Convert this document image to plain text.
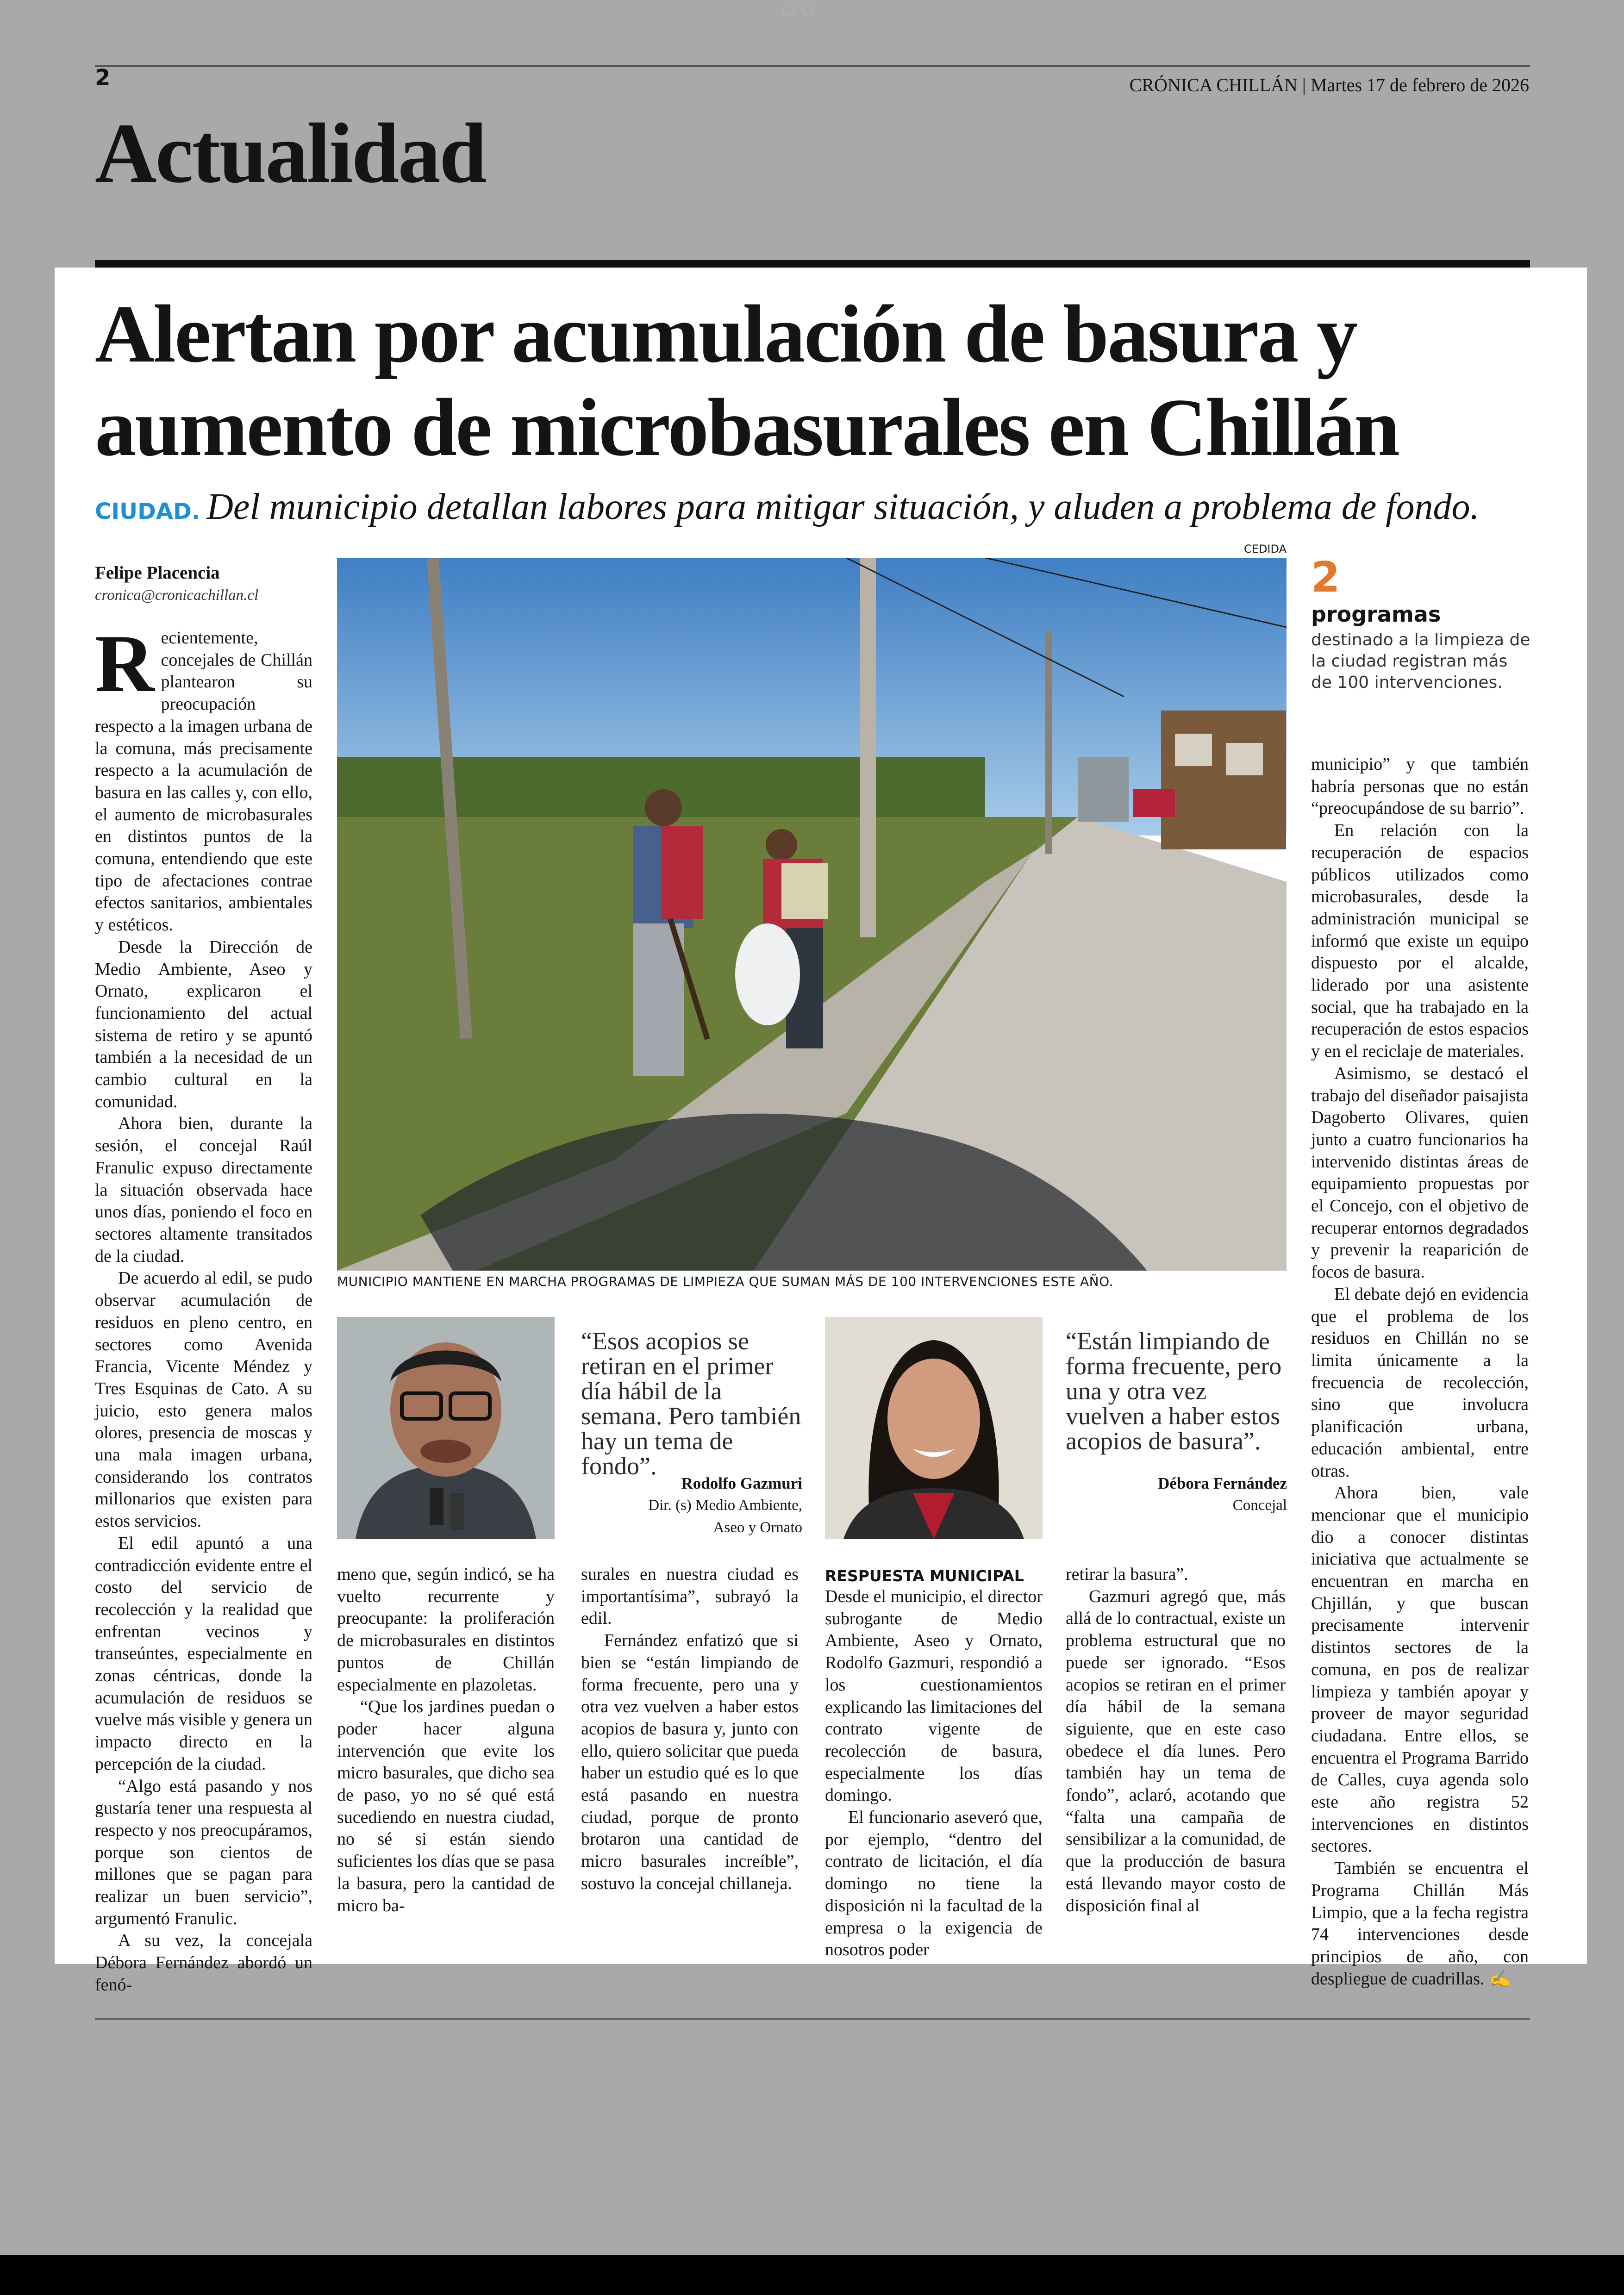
◌ ◌
2	CRÓNICA CHILLÁN | Martes 17 de febrero de 2026
Actualidad
Alertan por acumulación de basura y aumento de microbasurales en Chillán
CIUDAD. Del municipio detallan labores para mitigar situación, y aluden a problema de fondo.
Felipe Placencia
cronica@cronicachillan.cl

Recientemente, concejales de Chillán plantearon su preocupación respecto a la imagen urbana de la comuna, más precisamente respecto a la acumulación de basura en las calles y, con ello, el aumento de microbasurales en distintos puntos de la comuna, entendiendo que este tipo de afectaciones contrae efectos sanitarios, ambientales y estéticos.

Desde la Dirección de Medio Ambiente, Aseo y Ornato, explicaron el funcionamiento del actual sistema de retiro y se apuntó también a la necesidad de un cambio cultural en la comunidad.

Ahora bien, durante la sesión, el concejal Raúl Franulic expuso directamente la situación observada hace unos días, poniendo el foco en sectores altamente transitados de la ciudad.

De acuerdo al edil, se pudo observar acumulación de residuos en pleno centro, en sectores como Avenida Francia, Vicente Méndez y Tres Esquinas de Cato. A su juicio, esto genera malos olores, presencia de moscas y una mala imagen urbana, considerando los contratos millonarios que existen para estos servicios.

El edil apuntó a una contradicción evidente entre el costo del servicio de recolección y la realidad que enfrentan vecinos y transeúntes, especialmente en zonas céntricas, donde la acumulación de residuos se vuelve más visible y genera un impacto directo en la percepción de la ciudad.

“Algo está pasando y nos gustaría tener una respuesta al respecto y nos preocupáramos, porque son cientos de millones que se pagan para realizar un buen servicio”, argumentó Franulic.

A su vez, la concejala Débora Fernández abordó un fenó-

CEDIDA
MUNICIPIO MANTIENE EN MARCHA PROGRAMAS DE LIMPIEZA QUE SUMAN MÁS DE 100 INTERVENCIONES ESTE AÑO.
2
programas
destinado a la limpieza de la ciudad registran más de 100 intervenciones.

municipio” y que también habría personas que no están “preocupándose de su barrio”.

En relación con la recuperación de espacios públicos utilizados como microbasurales, desde la administración municipal se informó que existe un equipo dispuesto por el alcalde, liderado por una asistente social, que ha trabajado en la recuperación de estos espacios y en el reciclaje de materiales.

Asimismo, se destacó el trabajo del diseñador paisajista Dagoberto Olivares, quien junto a cuatro funcionarios ha intervenido distintas áreas de equipamiento propuestas por el Concejo, con el objetivo de recuperar entornos degradados y prevenir la reaparición de focos de basura.

El debate dejó en evidencia que el problema de los residuos en Chillán no se limita únicamente a la frecuencia de recolección, sino que involucra planificación urbana, educación ambiental, entre otras.

Ahora bien, vale mencionar que el municipio dio a conocer distintas iniciativa que actualmente se encuentran en marcha en Chjillán, y que buscan precisamente intervenir distintos sectores de la comuna, en pos de realizar limpieza y también apoyar y proveer de mayor seguridad ciudadana. Entre ellos, se encuentra el Programa Barrido de Calles, cuya agenda solo este año registra 52 intervenciones en distintos sectores.

También se encuentra el Programa Chillán Más Limpio, que a la fecha registra 74 intervenciones desde principios de año, con despliegue de cuadrillas. ✍

“Esos acopios se retiran en el primer día hábil de la semana. Pero también hay un tema de fondo”.
Rodolfo Gazmuri
Dir. (s) Medio Ambiente,
Aseo y Ornato
“Están limpiando de forma frecuente, pero una y otra vez vuelven a haber estos acopios de basura”.
Débora Fernández
Concejal

meno que, según indicó, se ha vuelto recurrente y preocupante: la proliferación de microbasurales en distintos puntos de Chillán especialmente en plazoletas.

“Que los jardines puedan o poder hacer alguna intervención que evite los micro basurales, que dicho sea de paso, yo no sé qué está sucediendo en nuestra ciudad, no sé si están siendo suficientes los días que se pasa la basura, pero la cantidad de micro ba-

surales en nuestra ciudad es importantísima”, subrayó la edil.

Fernández enfatizó que si bien se “están limpiando de forma frecuente, pero una y otra vez vuelven a haber estos acopios de basura y, junto con ello, quiero solicitar que pueda haber un estudio qué es lo que está pasando en nuestra ciudad, porque de pronto brotaron una cantidad de micro basurales increíble”, sostuvo la concejal chillaneja.

RESPUESTA MUNICIPAL

Desde el municipio, el director subrogante de Medio Ambiente, Aseo y Ornato, Rodolfo Gazmuri, respondió a los cuestionamientos explicando las limitaciones del contrato vigente de recolección de basura, especialmente los días domingo.

El funcionario aseveró que, por ejemplo, “dentro del contrato de licitación, el día domingo no tiene la disposición ni la facultad de la empresa o la exigencia de nosotros poder

retirar la basura”.

Gazmuri agregó que, más allá de lo contractual, existe un problema estructural que no puede ser ignorado. “Esos acopios se retiran en el primer día hábil de la semana siguiente, que en este caso obedece el día lunes. Pero también hay un tema de fondo”, aclaró, acotando que “falta una campaña de sensibilizar a la comunidad, de que la producción de basura está llevando mayor costo de disposición final al
